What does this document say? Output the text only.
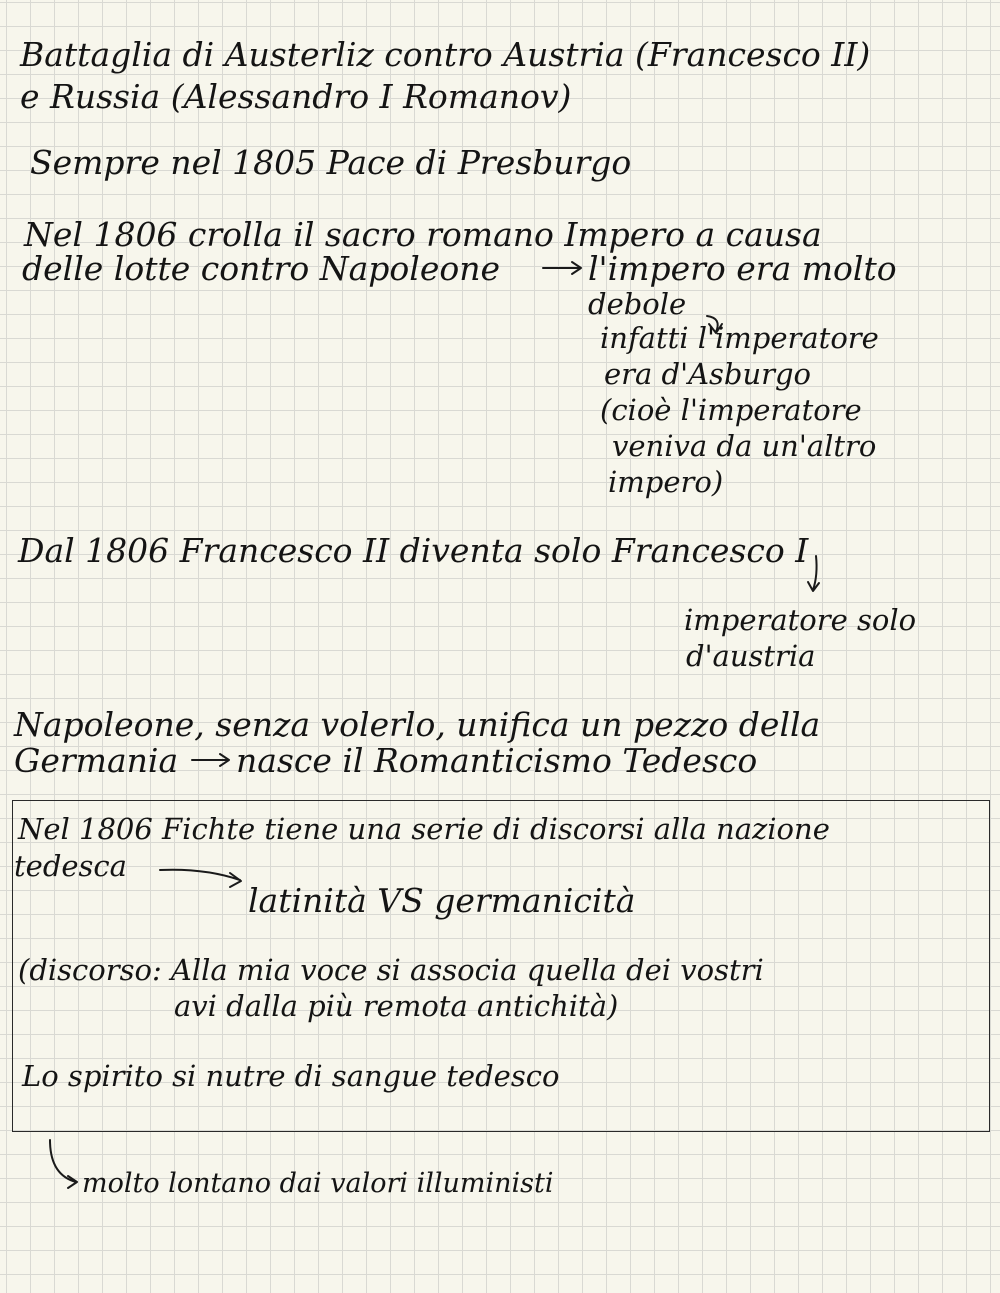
Battaglia di Austerliz contro Austria (Francesco II)
e Russia (Alessandro I Romanov)
Sempre nel 1805 Pace di Presburgo
Nel 1806 crolla il sacro romano Impero a causa
delle lotte contro Napoleone	l'impero era molto
debole
infatti l'imperatore
era d'Asburgo
(cioè l'imperatore
veniva da un'altro
impero)
Dal 1806 Francesco II diventa solo Francesco I
imperatore solo
d'austria
Napoleone, senza volerlo, unifica un pezzo della
Germania nasce il Romanticismo Tedesco
Nel 1806 Fichte tiene una serie di discorsi alla nazione
tedesca
latinità VS germanicità
(discorso: Alla mia voce si associa quella dei vostri
avi dalla più remota antichità)
Lo spirito si nutre di sangue tedesco
molto lontano dai valori illuministi
